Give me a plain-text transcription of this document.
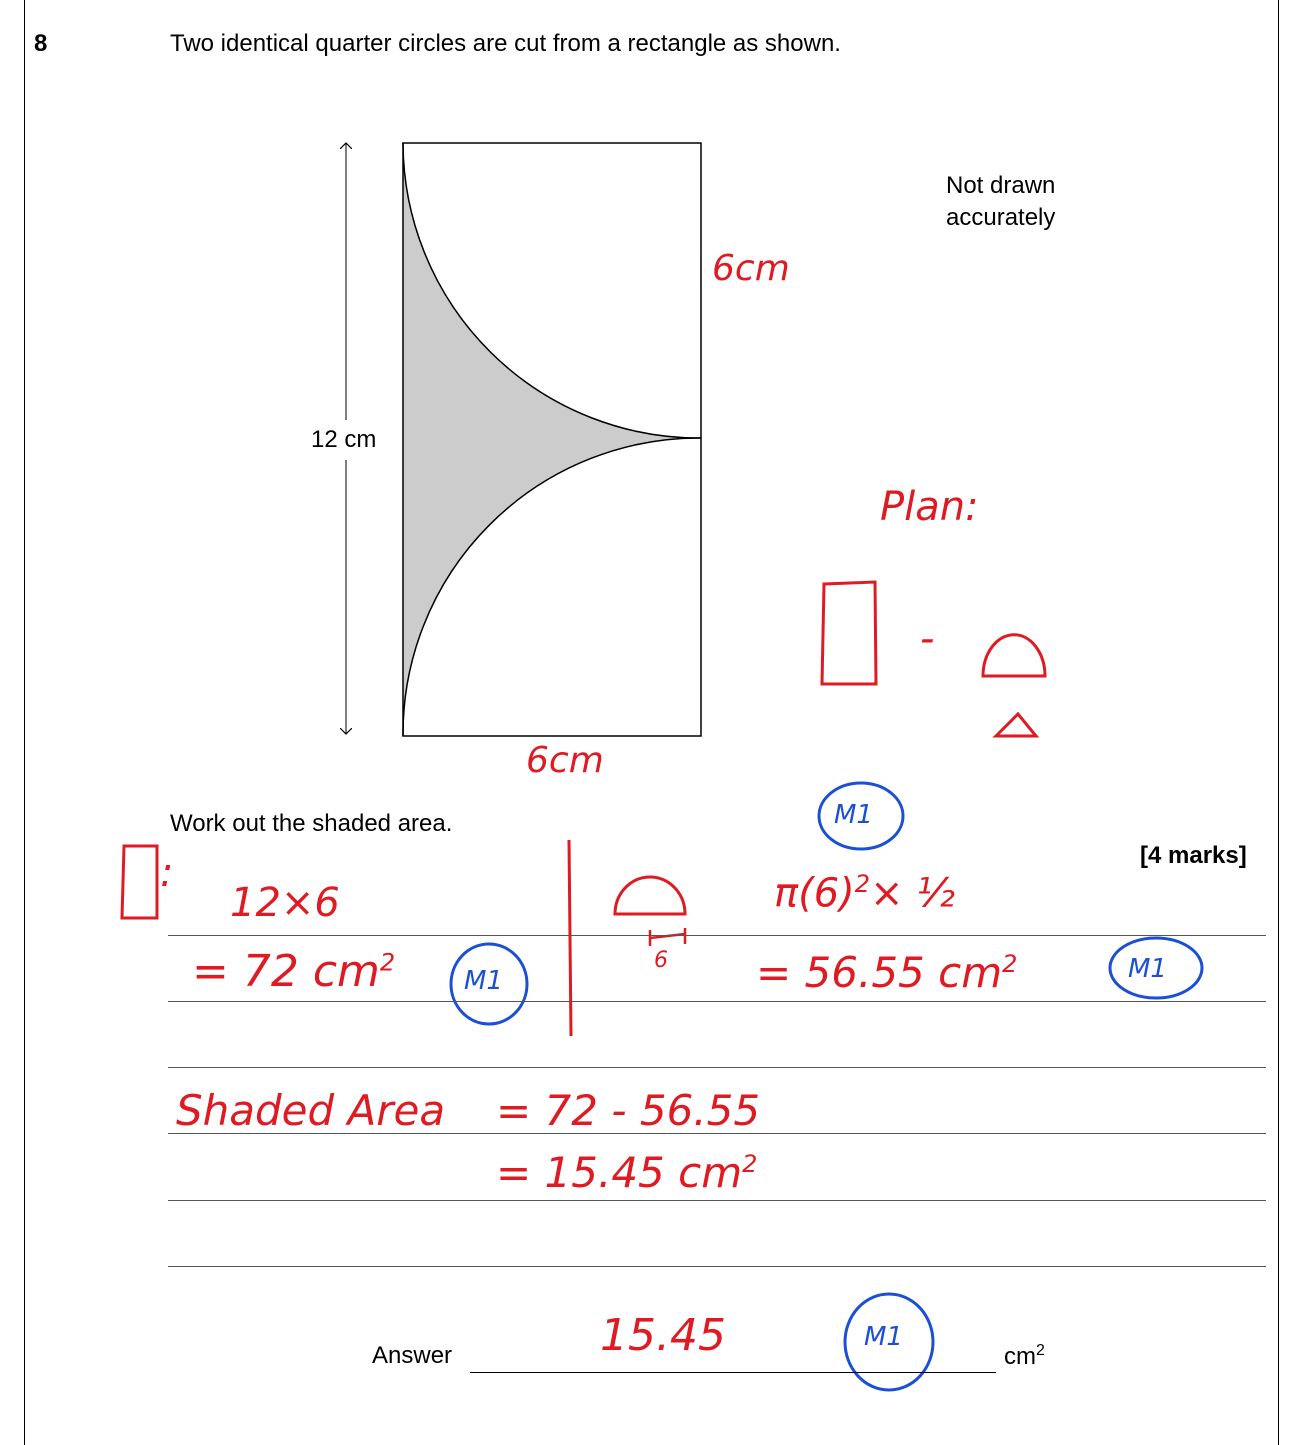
8	Two identical quarter circles are cut from a rectangle as shown.
Not drawn
accurately
12 cm
Work out the shaded area.
[4 marks]
Answer	$cm^2$
6cm
6cm
Plan:
-
:
12×6
= 72 $cm^2$
$\pi(6)^2\times$ ½
6 = 56.55 $cm^2$
Shaded Area = 72 - 56.55
= 15.45 $cm^2$
15.45
M1
M1	M1
M1
